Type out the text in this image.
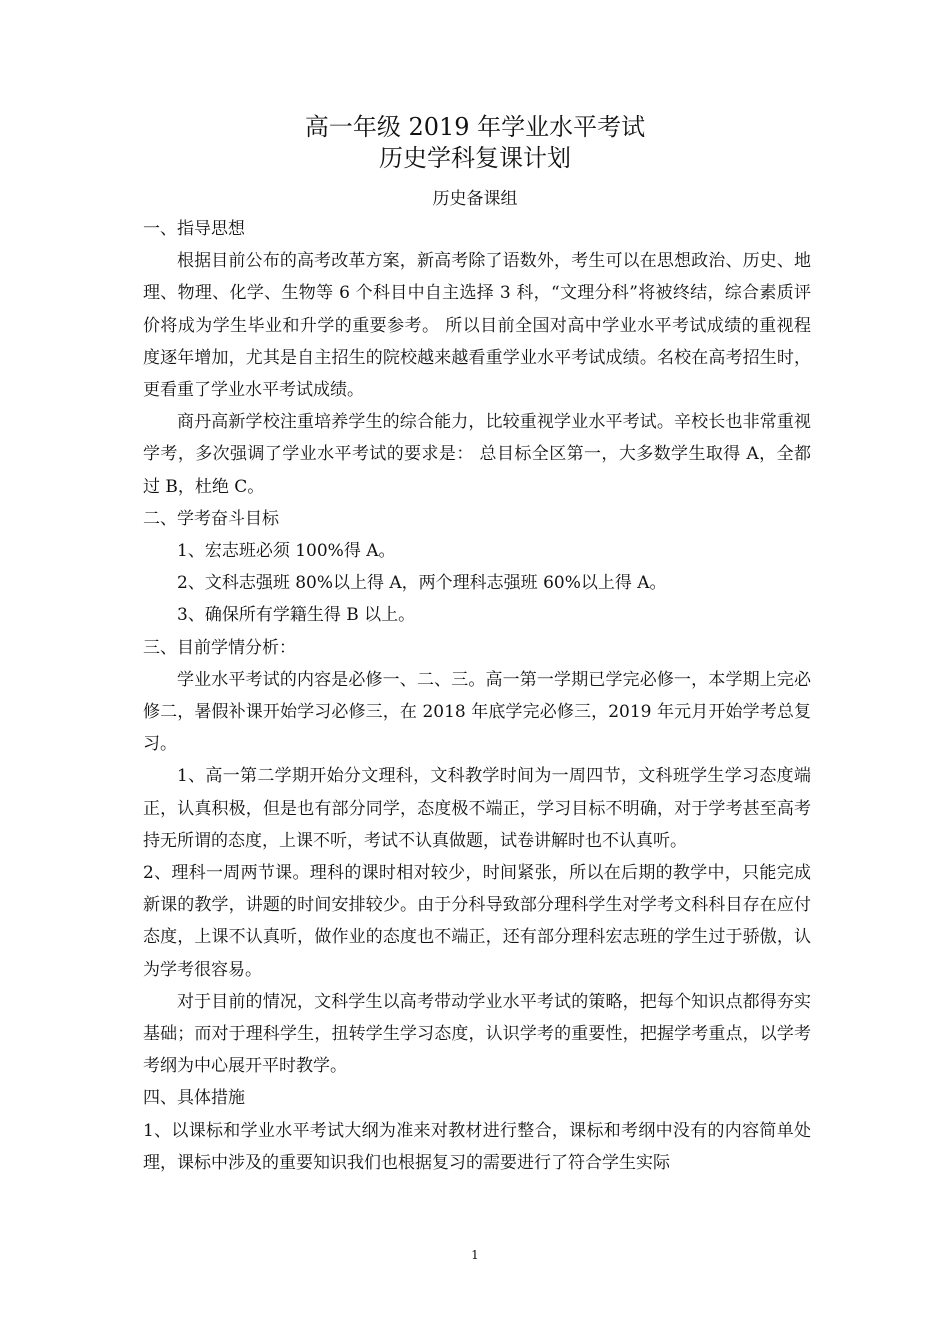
高一年级 2019 年学业水平考试
历史学科复课计划
历史备课组

一、指导思想

根据目前公布的高考改革方案，新高考除了语数外，考生可以在思想政治、历史、地理、物理、化学、生物等 6 个科目中自主选择 3 科，“文理分科”将被终结，综合素质评价将成为学生毕业和升学的重要参考。 所以目前全国对高中学业水平考试成绩的重视程度逐年增加，尤其是自主招生的院校越来越看重学业水平考试成绩。名校在高考招生时，更看重了学业水平考试成绩。

商丹高新学校注重培养学生的综合能力，比较重视学业水平考试。辛校长也非常重视学考，多次强调了学业水平考试的要求是： 总目标全区第一，大多数学生取得 A，全都过 B，杜绝 C。

二、学考奋斗目标

1、宏志班必须 100%得 A。

2、文科志强班 80%以上得 A，两个理科志强班 60%以上得 A。

3、确保所有学籍生得 B 以上。

三、目前学情分析：

学业水平考试的内容是必修一、二、三。高一第一学期已学完必修一，本学期上完必修二，暑假补课开始学习必修三，在 2018 年底学完必修三，2019 年元月开始学考总复习。

1、高一第二学期开始分文理科，文科教学时间为一周四节，文科班学生学习态度端正，认真积极，但是也有部分同学，态度极不端正，学习目标不明确，对于学考甚至高考持无所谓的态度，上课不听，考试不认真做题，试卷讲解时也不认真听。

2、理科一周两节课。理科的课时相对较少，时间紧张，所以在后期的教学中，只能完成新课的教学，讲题的时间安排较少。由于分科导致部分理科学生对学考文科科目存在应付态度，上课不认真听，做作业的态度也不端正，还有部分理科宏志班的学生过于骄傲，认为学考很容易。

对于目前的情况，文科学生以高考带动学业水平考试的策略，把每个知识点都得夯实基础；而对于理科学生，扭转学生学习态度，认识学考的重要性，把握学考重点，以学考考纲为中心展开平时教学。

四、具体措施

1、以课标和学业水平考试大纲为准来对教材进行整合，课标和考纲中没有的内容简单处理，课标中涉及的重要知识我们也根据复习的需要进行了符合学生实际

1
